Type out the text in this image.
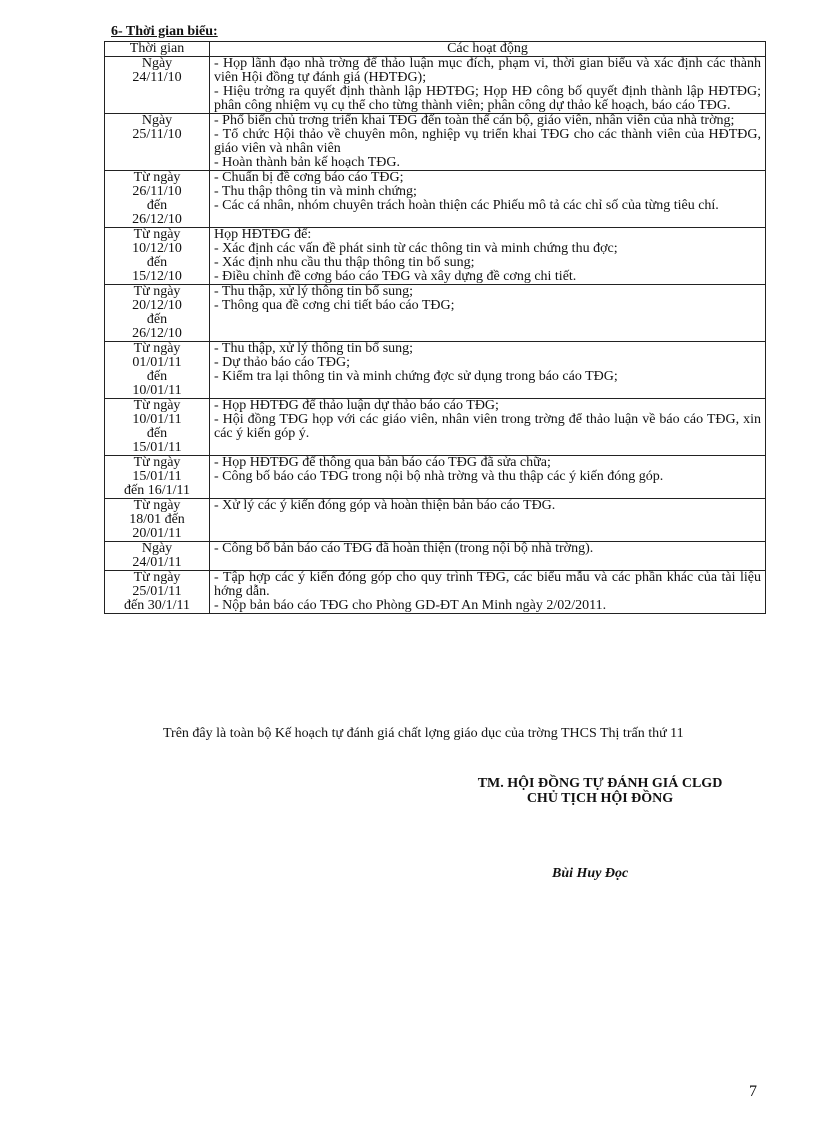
6- Thời gian biểu:
Thời gian	Các hoạt động

Ngày
24/11/10	- Họp lãnh đạo nhà trờng để thảo luận mục đích, phạm vi, thời gian biểu và xác định các thành viên Hội đồng tự đánh giá (HĐTĐG);
- Hiệu trởng ra quyết định thành lập HĐTĐG; Họp HĐ công bố quyết định thành lập HĐTĐG; phân công nhiệm vụ cụ thể cho từng thành viên; phân công dự thảo kế hoạch, báo cáo TĐG.

Ngày
25/11/10	- Phổ biến chủ trơng triển khai TĐG đến toàn thể cán bộ, giáo viên, nhân viên của nhà trờng;
- Tổ chức Hội thảo về chuyên môn, nghiệp vụ triển khai TĐG cho các thành viên của HĐTĐG, giáo viên và nhân viên
- Hoàn thành bản kế hoạch TĐG.

Từ ngày
26/11/10
đến
26/12/10	- Chuẩn bị đề cơng báo cáo TĐG;
- Thu thập thông tin và minh chứng;
- Các cá nhân, nhóm chuyên trách hoàn thiện các Phiếu mô tả các chỉ số của từng tiêu chí.

Từ ngày
10/12/10
đến
15/12/10	Họp HĐTĐG để:
- Xác định các vấn đề phát sinh từ các thông tin và minh chứng thu đợc;
- Xác định nhu cầu thu thập thông tin bổ sung;
- Điều chỉnh đề cơng báo cáo TĐG và xây dựng đề cơng chi tiết.

Từ ngày
20/12/10
đến
26/12/10	- Thu thập, xử lý thông tin bổ sung;
- Thông qua đề cơng chi tiết báo cáo TĐG;

Từ ngày
01/01/11
đến
10/01/11	- Thu thập, xử lý thông tin bổ sung;
- Dự thảo báo cáo TĐG;
- Kiểm tra lại thông tin và minh chứng đợc sử dụng trong báo cáo TĐG;

Từ ngày
10/01/11
đến
15/01/11	- Họp HĐTĐG để thảo luận dự thảo báo cáo TĐG;
- Hội đồng TĐG họp với các giáo viên, nhân viên trong trờng để thảo luận về báo cáo TĐG, xin các ý kiến góp ý.

Từ ngày
15/01/11
đến 16/1/11	- Họp HĐTĐG để thông qua bản báo cáo TĐG đã sửa chữa;
- Công bố báo cáo TĐG trong nội bộ nhà trờng và thu thập các ý kiến đóng góp.

Từ ngày
18/01 đến
20/01/11	- Xử lý các ý kiến đóng góp và hoàn thiện bản báo cáo TĐG.

Ngày
24/01/11	- Công bố bản báo cáo TĐG đã hoàn thiện (trong nội bộ nhà trờng).

Từ ngày
25/01/11
đến 30/1/11	- Tập hợp các ý kiến đóng góp cho quy trình TĐG, các biểu mẫu và các phần khác của tài liệu hớng dẫn.
- Nộp bản báo cáo TĐG cho Phòng GD-ĐT An Minh ngày 2/02/2011.
Trên đây là toàn bộ Kế hoạch tự đánh giá chất lợng giáo dục của trờng THCS Thị trấn thứ 11
TM. HỘI ĐỒNG TỰ ĐÁNH GIÁ CLGD
CHỦ TỊCH HỘI ĐỒNG
Bùi Huy Đọc
7
